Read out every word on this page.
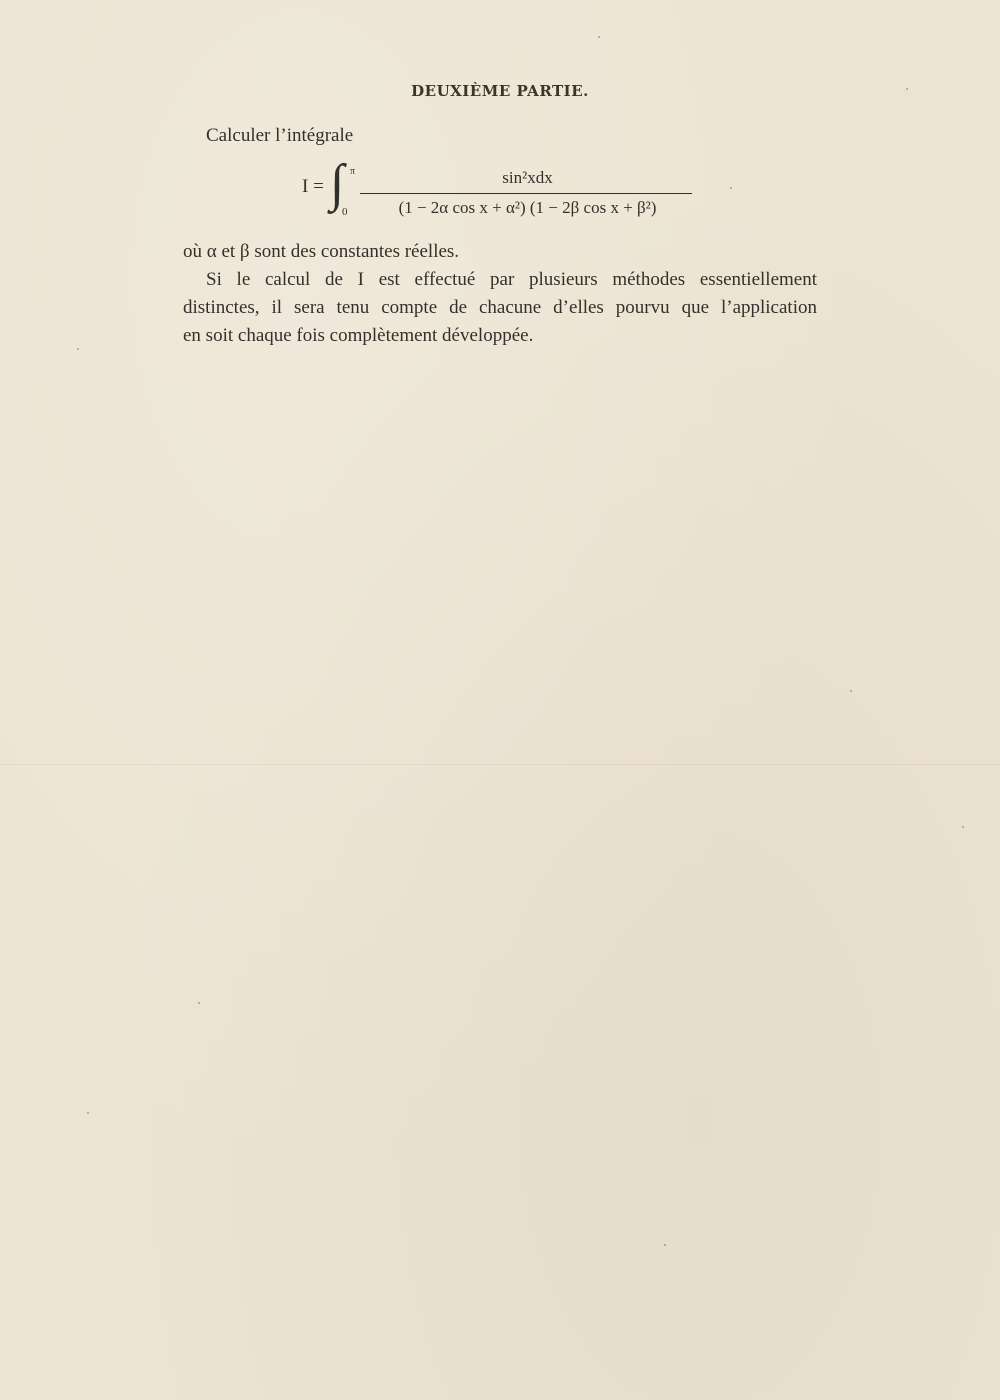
DEUXIÈME PARTIE.
Calculer l’intégrale
I = ∫ π
0
sin²xdx
(1 − 2α cos x + α²) (1 − 2β cos x + β²)
où α et β sont des constantes réelles.
Si le calcul de I est effectué par plusieurs méthodes essentiellement
distinctes, il sera tenu compte de chacune d’elles pourvu que l’application
en soit chaque fois complètement développée.
